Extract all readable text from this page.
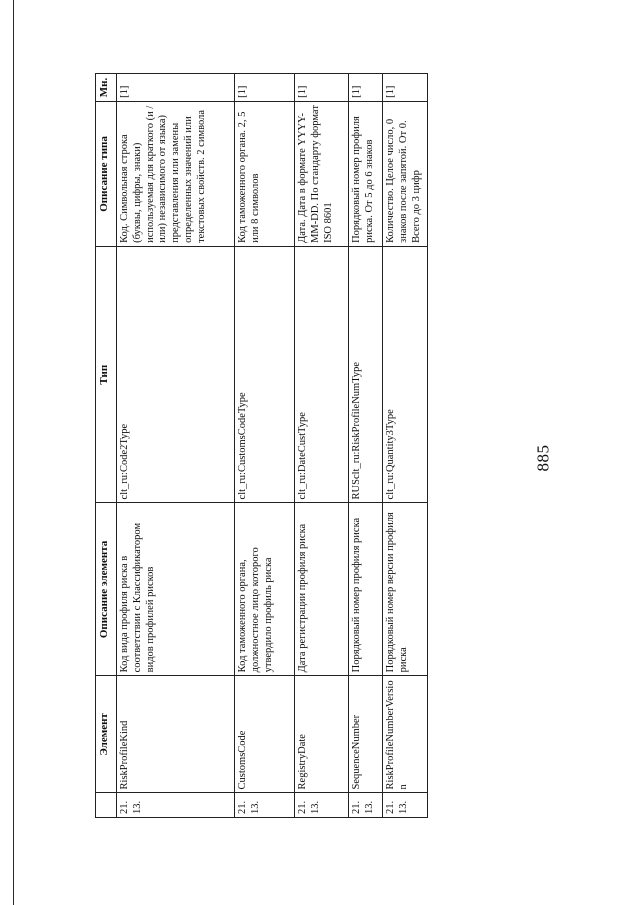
885
	Элемент	Описание элемента	Тип	Описание типа	Мн.
21.13.	RiskProfileKind	Код вида профиля риска в соответствии с Классификатором видов профилей рисков	clt_ru:Code2Type	Код. Символьная строка (буквы, цифры, знаки) используемая для краткого (и /или) независимого от языка) представления или замены определенных значений или текстовых свойств. 2 символа	[1]
21.13.	CustomsCode	Код таможенного органа, должностное лицо которого утвердило профиль риска	clt_ru:CustomsCodeType	Код таможенного органа. 2, 5 или 8 символов	[1]
21.13.	RegistryDate	Дата регистрации профиля риска	clt_ru:DateCustType	Дата. Дата в формате YYYY-MM-DD. По стандарту формат ISO 8601	[1]
21.13.	SequenceNumber	Порядковый номер профиля риска	RUSclt_ru:RiskProfileNumType	Порядковый номер профиля риска. От 5 до 6 знаков	[1]
21.13.	RiskProfileNumberVersion	Порядковый номер версии профиля риска	clt_ru:Quantity3Type	Количество. Целое число, 0 знаков после запятой. От 0. Всего до 3 цифр	[1]
